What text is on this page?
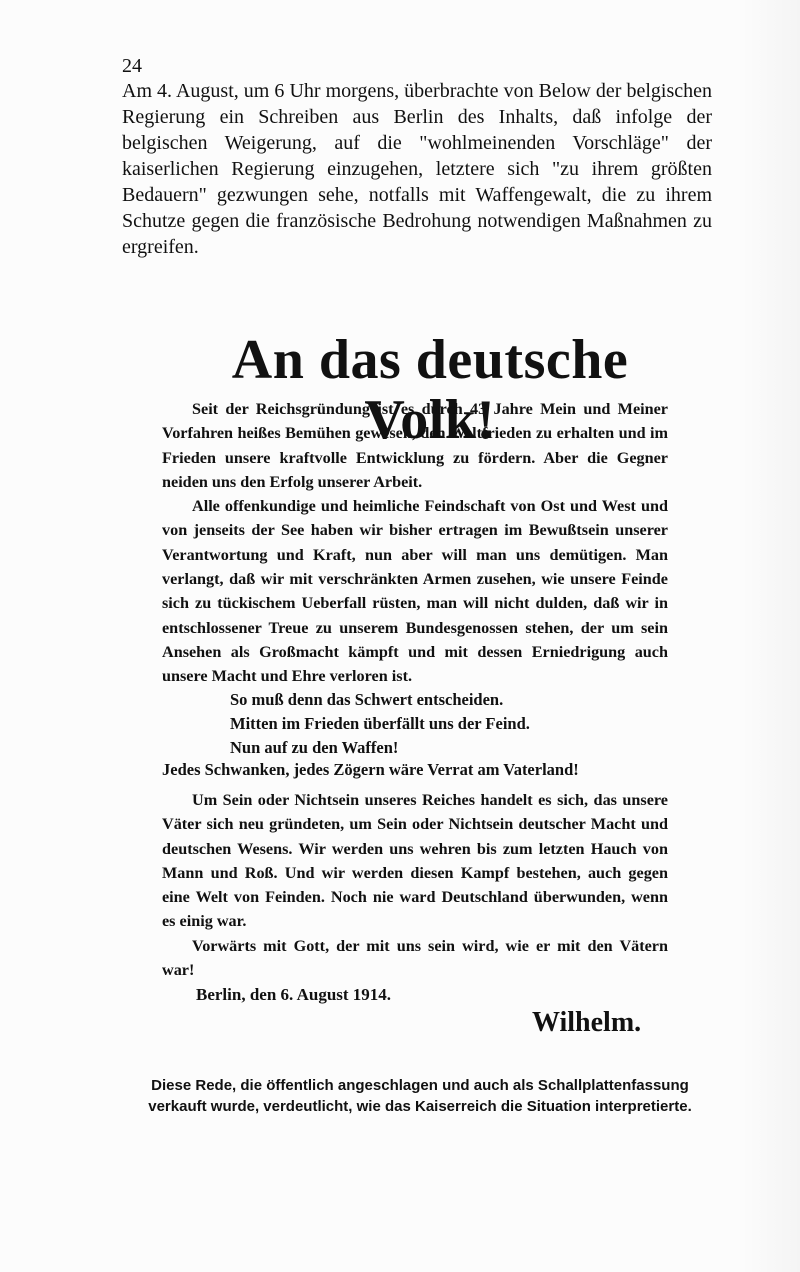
24

Am 4. August, um 6 Uhr morgens, überbrachte von Below der belgischen Regierung ein Schreiben aus Berlin des Inhalts, daß infolge der belgischen Weigerung, auf die "wohlmeinenden Vorschläge" der kaiserlichen Regierung einzugehen, letztere sich "zu ihrem größten Bedauern" gezwungen sehe, notfalls mit Waffengewalt, die zu ihrem Schutze gegen die französische Bedrohung notwendigen Maßnahmen zu ergreifen.

An das deutsche Volk!

Seit der Reichsgründung ist es durch 43 Jahre Mein und Meiner Vorfahren heißes Bemühen gewesen, den Weltfrieden zu erhalten und im Frieden unsere kraftvolle Entwicklung zu fördern. Aber die Gegner neiden uns den Erfolg unserer Arbeit.

Alle offenkundige und heimliche Feindschaft von Ost und West und von jenseits der See haben wir bisher ertragen im Bewußtsein unserer Verantwortung und Kraft, nun aber will man uns demütigen. Man verlangt, daß wir mit verschränkten Armen zusehen, wie unsere Feinde sich zu tückischem Ueberfall rüsten, man will nicht dulden, daß wir in entschlossener Treue zu unserem Bundesgenossen stehen, der um sein Ansehen als Großmacht kämpft und mit dessen Erniedrigung auch unsere Macht und Ehre verloren ist.

So muß denn das Schwert entscheiden.
Mitten im Frieden überfällt uns der Feind.
Nun auf zu den Waffen!
Jedes Schwanken, jedes Zögern wäre Verrat am Vaterland!

Um Sein oder Nichtsein unseres Reiches handelt es sich, das unsere Väter sich neu gründeten, um Sein oder Nichtsein deutscher Macht und deutschen Wesens. Wir werden uns wehren bis zum letzten Hauch von Mann und Roß. Und wir werden diesen Kampf bestehen, auch gegen eine Welt von Feinden. Noch nie ward Deutschland überwunden, wenn es einig war.

Vorwärts mit Gott, der mit uns sein wird, wie er mit den Vätern war!

Berlin, den 6. August 1914.
Wilhelm.
Diese Rede, die öffentlich angeschlagen und auch als Schallplattenfassung verkauft wurde, verdeutlicht, wie das Kaiserreich die Situation interpretierte.
